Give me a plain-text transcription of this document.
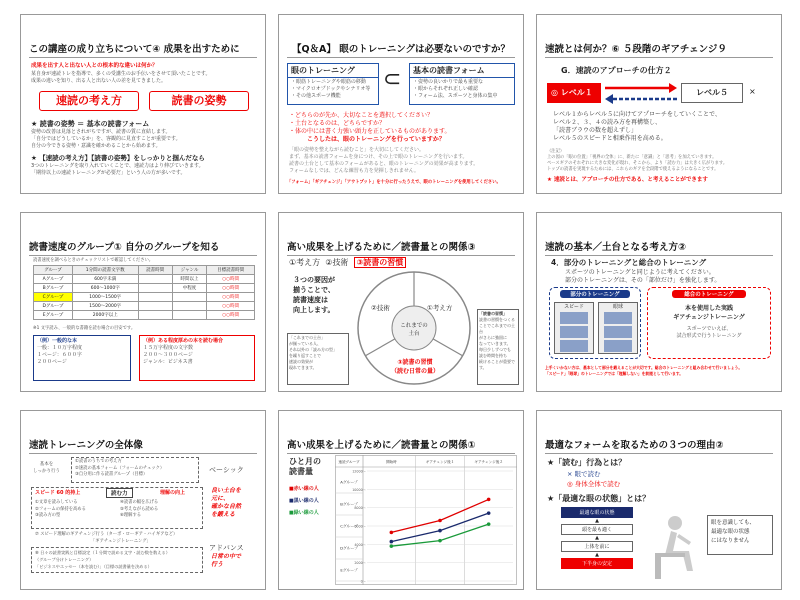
この講座の成り立ちについて④ 成果を出すために
成果を出す人と出ない人との根本的な違いは何か？
某自身が速読トレを指導で、多くの受講生のお手伝いをさせて頂いたことです。
成果の違いを知り、出る人と出ない人の差を見てきました。
速読の考え方	読書の姿勢
★ 読書の姿勢 ＝ 基本の読書フォーム
姿勢の改善は見落とされがちですが、読書の質に直結します。
「自分ではどうしているか」を、客観的に見直すことが重要です。
自分の今できる姿勢・意識を確かめることから始めます。
★ 【速読の考え方】【読書の姿勢】をしっかりと掴んだなら
3つのトレーニングを取り入れていくことで、速読力はより伸びていきます。
「期待以上の速読トレーニングが必要だ」という人の方が多いです。
【Q＆A】 眼のトレーニングは必要ないのですか？
眼のトレーニング
・眼筋トレーニングや眼筋の移動
・マイクロオプドックやシナリオ等
・その他スポーツ機能
⊂	基本の読書フォーム
・姿勢の良いかりで最も重要な
・眼からそれぞれ正しい確認
・フォーム法、スポーツと身体の集中
・どちらのが先か、大切なことを選択してください？
・土台となるのは、どちらですか？
・体の中には書く力強い頭力を正しているものがあります。
こうしたは、眼のトレーニングを行っていますか？
「眼の姿勢を整えながら読むこと」を大切にしてください。
まず、基本の読書フォームを身につけ、その上で眼のトレーニングを行います。
読書の土台として基本のフォームがあると、眼のトレーニングの効果が高まります。
フォームなしでは、どんな練習も力を発揮しきれません。
「フォーム」「ギアチェンジ」「アウトプット」を十分に行ったうえで、眼のトレーニングを使用してください。
速読とは何か？⑥ ５段階のギアチェンジ９
G．速読のアプローチの仕方２
◎ レベル１	レベル５	×
レベル１からレベル５に向けてアプローチをしていくことで、
レベル２、３、４の読み方を再構築し、
「読書ブラウの数を超えずし」
レベル５のスピードと相乗作用を高める。
（注記）
上の図の「眼の位置」「視界の全体」に、新たに「意識」と「思考」を加えていきます。
ペースギアのそれぞれに大きな変化が現れ、そこから、より「読む力」は大きく広がります。
トップの読書を実現するためには、これらのギアを全段階で使えるようになることです。
★ 速読とは、アプローチの仕方である、と考えることができます
読書速度のグループ① 自分のグループを知る
読書速度を調べるときのチェックリストで確認してください。
グループ	1分間の読書文字数	読書時間	ジャンル	目標読書時間
Aグループ	600字未満		時間以上	○○時間
Bグループ	600〜1000字		中程度	○○時間
Cグループ	1000〜1500字			○○時間
Dグループ	1500〜2000字			○○時間
Eグループ	2000字以上			○○時間
※1 文字読み、一般的な書籍を読む場合の目安です。
（例）一般的な本
一般：１０万字程度
１ページ：６００字
２００ページ
（例）ある程度厚めの本を読む場合
１５万字程度の文字数
２００〜３００ページ
ジャンル：ビジネス書
高い成果を上げるために／読書量との関係③
①考え方 ②技術 ③読書の習慣
３つの要因が
揃うことで、
読書速度は
向上します。	②技術	①考え方
これまでの
土台
③読書の習慣
（読む日常の量）
「これまでの土台」
が揃っている人、
それ以外の「読み方の型」
を繰り返すことで
速読の効果が
現れてきます。
「読書の習慣」
読書の習慣をつくる
ことでこれまでの土台
がさらに強固に
なっていきます。
毎日少しずつでも
読む時間を持ち
続けることが重要です。
速読の基本／土台となる考え方②
4．部分のトレーニングと総合のトレーニング
スポーツのトレーニングと同じように考えてください。
部分のトレーニングは、その「部位だけ」を強化します。
部分のトレーニング
スピード	眼球
総合のトレーニング
本を使用した実践
ギアチェンジトレーニング
スポーツでいえば、
試合形式で行うトレーニング
上手くいかない方は、基本として部分を鍛えることが大切です。総合のトレーニングと組み合わせて行いましょう。
「スピード」「眼球」のトレーニングでは「理解しない」を前提として行います。
速読トレーニングの全体像
基本を
しっかり行う
①読書のうちでの考え方
②速読の基本フォーム（フォームのチェック）
③自分用に作る読書グループ（目標）
スピード 60 的持上	読む力	理解の向上
①文章を読みしている
②フォームの保持を高める
③読み方の型
④読書の幅を広げる
⑤考えながら読める
⑥理解する
ベーシック
良い土台を
元に、
確かな自然
を鍛える
⑦ スピード理解のギアチェンジ行う（ターボ・ローギア・ハイギアなど）
「ギアチェンジトレーニング」
⑧ 日々の読書実践と目標設定（１分間で読める文字・読む数を数える）
（グループ分けトレーニング）
「ビジネスやエッセー（本を読む）」（目標の読書量を決める）
アドバンス
日常の中で
行う
高い成果を上げるために／読書量との関係①
ひと月の
読書量
■赤い線の人
■黒い線の人
■緑い線の人
速読グループ	開始時	ギアチェンジ後１	ギアチェンジ後２
12000〜
10000〜
8000〜
6000〜
4000〜
2000〜
0〜
Aグループ
Bグループ
Cグループ
Dグループ
Eグループ
最適なフォームを取るための３つの理由②
★「読む」行為とは？
× 眼で読む
◎ 身体全体で読む
★「最適な眼の状態」とは？
最適な眼の状態
▲
頭を最も適く
▲
上体を前に
▲
下半身の安定
眼を意識しても、
最適な眼の状態
にはなりません
